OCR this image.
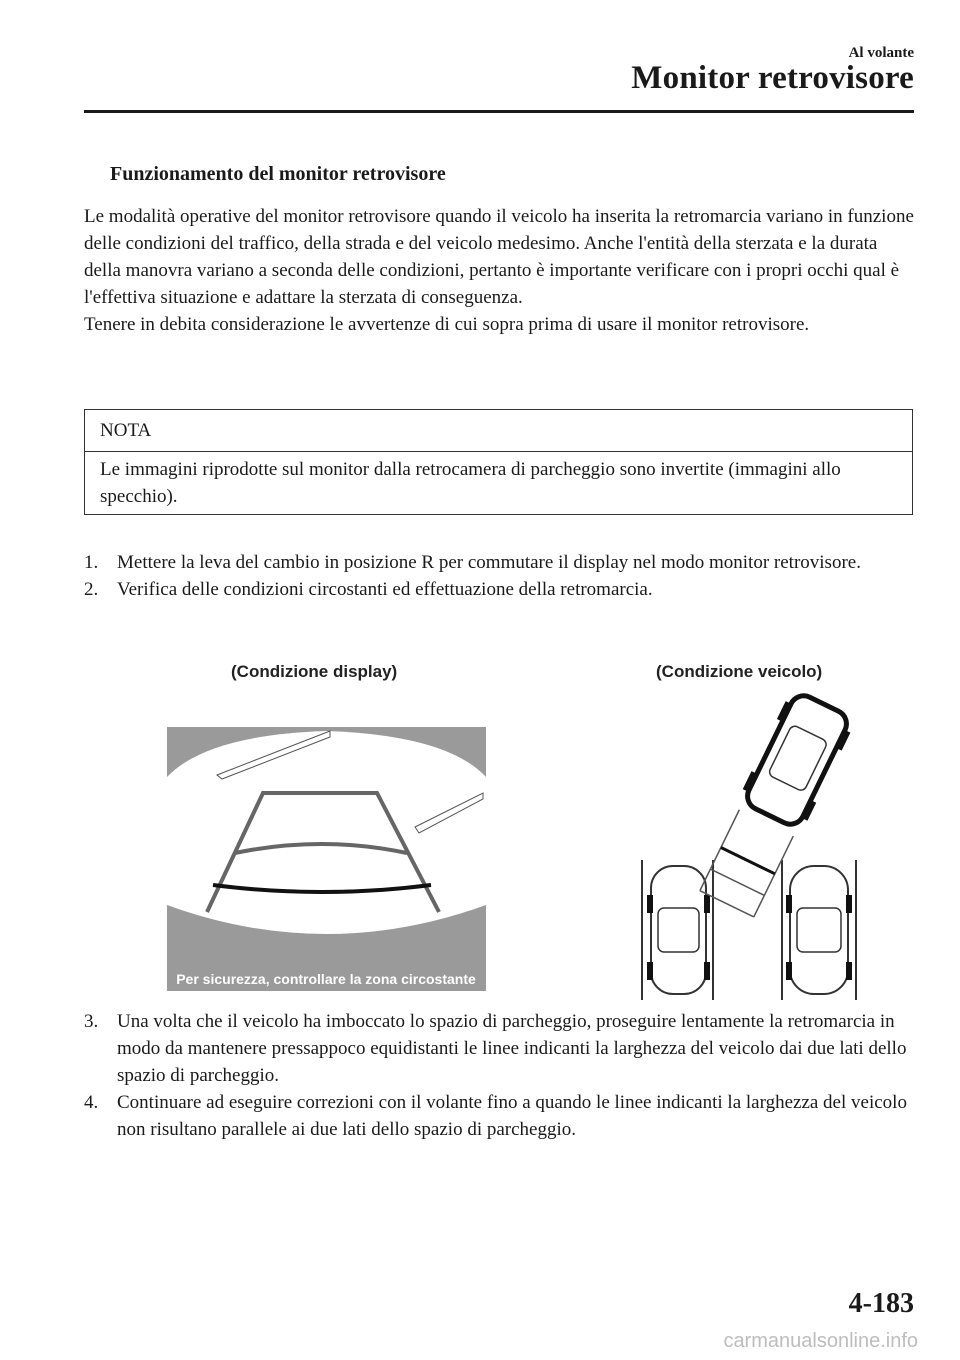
Al volante
Monitor retrovisore
Funzionamento del monitor retrovisore

Le modalità operative del monitor retrovisore quando il veicolo ha inserita la retromarcia variano in funzione delle condizioni del traffico, della strada e del veicolo medesimo. Anche l'entità della sterzata e la durata della manovra variano a seconda delle condizioni, pertanto è importante verificare con i propri occhi qual è l'effettiva situazione e adattare la sterzata di conseguenza.

Tenere in debita considerazione le avvertenze di cui sopra prima di usare il monitor retrovisore.

NOTA
Le immagini riprodotte sul monitor dalla retrocamera di parcheggio sono invertite (immagini allo specchio).
1. Mettere la leva del cambio in posizione R per commutare il display nel modo monitor retrovisore.
2. Verifica delle condizioni circostanti ed effettuazione della retromarcia.
(Condizione display)	(Condizione veicolo)
Per sicurezza, controllare la zona circostante
3. Una volta che il veicolo ha imboccato lo spazio di parcheggio, proseguire lentamente la retromarcia in modo da mantenere pressappoco equidistanti le linee indicanti la larghezza del veicolo dai due lati dello spazio di parcheggio.
4. Continuare ad eseguire correzioni con il volante fino a quando le linee indicanti la larghezza del veicolo non risultano parallele ai due lati dello spazio di parcheggio.
4-183
carmanualsonline.info
